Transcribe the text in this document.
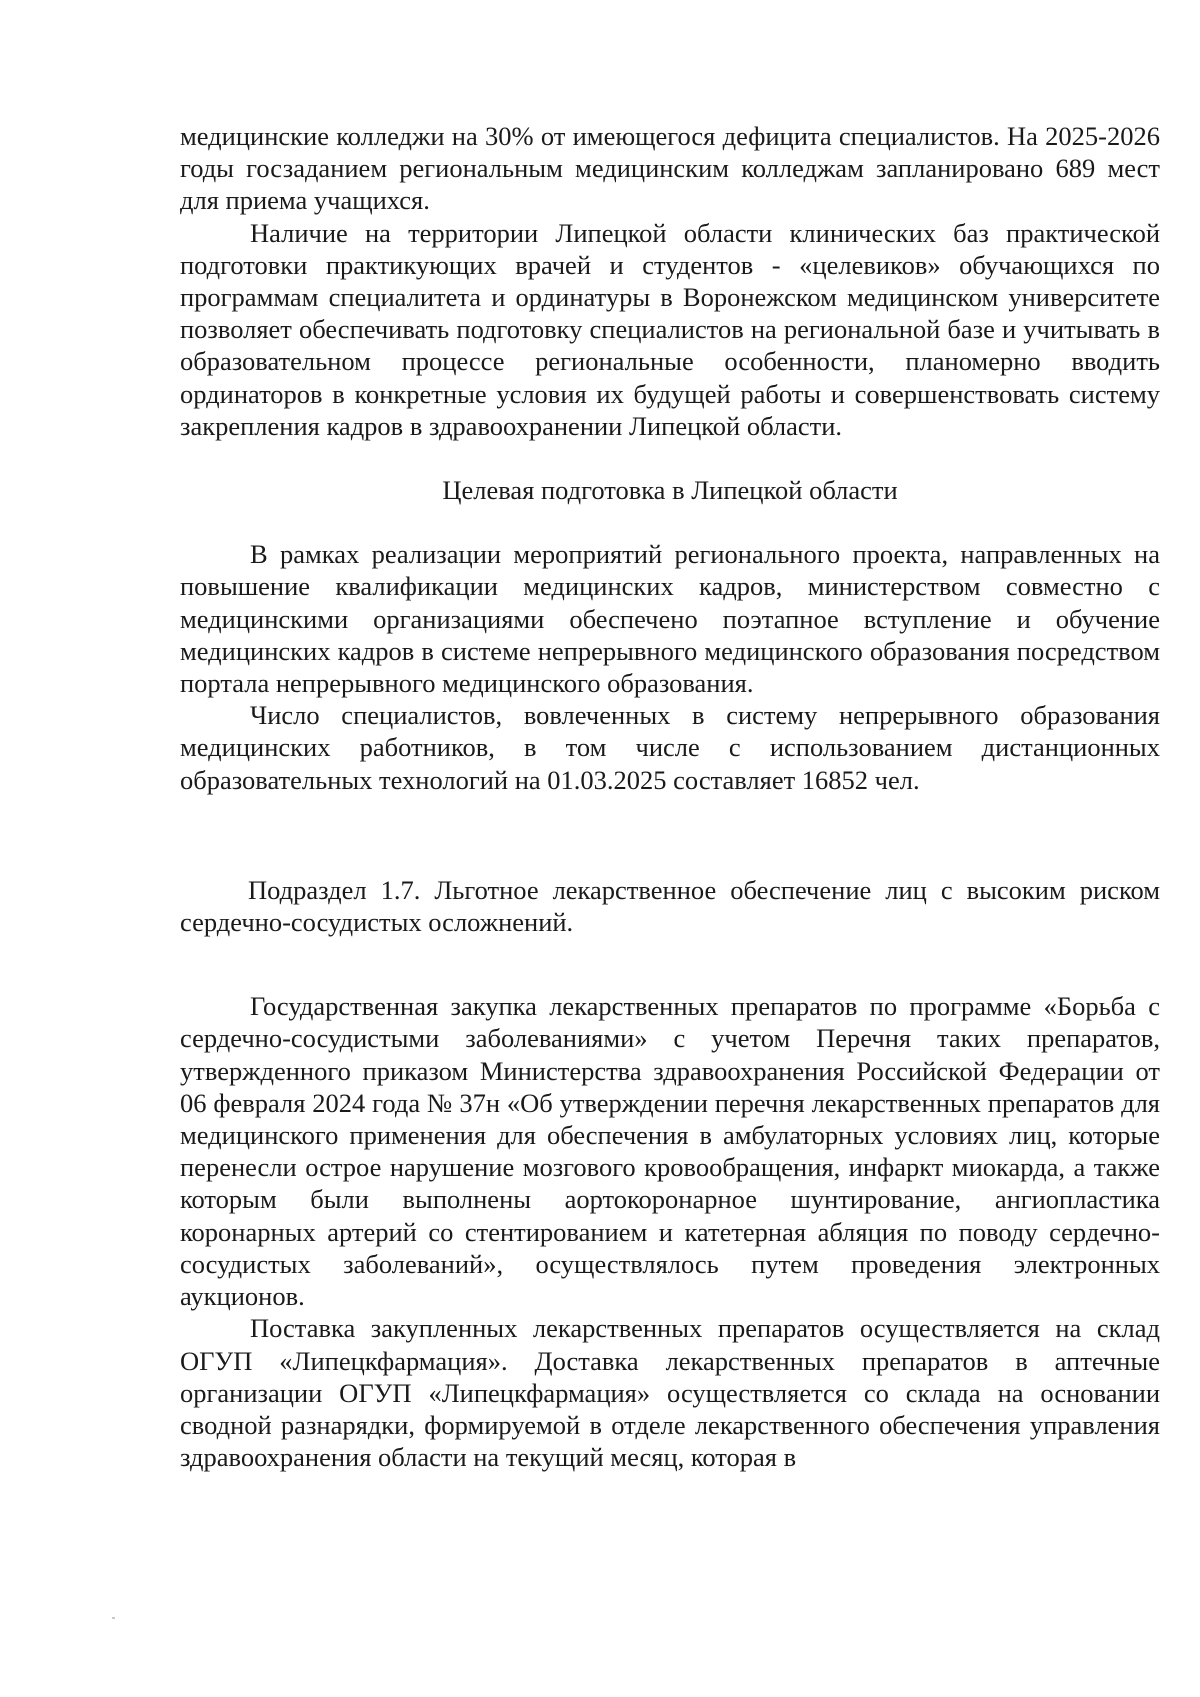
медицинские колледжи на 30% от имеющегося дефицита специалистов. На 2025-2026 годы госзаданием региональным медицинским колледжам запланировано 689 мест для приема учащихся.

Наличие на территории Липецкой области клинических баз практической подготовки практикующих врачей и студентов - «целевиков» обучающихся по программам специалитета и ординатуры в Воронежском медицинском университете позволяет обеспечивать подготовку специалистов на региональной базе и учитывать в образовательном процессе региональные особенности, планомерно вводить ординаторов в конкретные условия их будущей работы и совершенствовать систему закрепления кадров в здравоохранении Липецкой области.

Целевая подготовка в Липецкой области

В рамках реализации мероприятий регионального проекта, направленных на повышение квалификации медицинских кадров, министерством совместно с медицинскими организациями обеспечено поэтапное вступление и обучение медицинских кадров в системе непрерывного медицинского образования посредством портала непрерывного медицинского образования.

Число специалистов, вовлеченных в систему непрерывного образования медицинских работников, в том числе с использованием дистанционных образовательных технологий на 01.03.2025 составляет 16852 чел.

Подраздел 1.7. Льготное лекарственное обеспечение лиц с высоким риском сердечно-сосудистых осложнений.

Государственная закупка лекарственных препаратов по программе «Борьба с сердечно-сосудистыми заболеваниями» с учетом Перечня таких препаратов, утвержденного приказом Министерства здравоохранения Российской Федерации от 06 февраля 2024 года № 37н «Об утверждении перечня лекарственных препаратов для медицинского применения для обеспечения в амбулаторных условиях лиц, которые перенесли острое нарушение мозгового кровообращения, инфаркт миокарда, а также которым были выполнены аортокоронарное шунтирование, ангиопластика коронарных артерий со стентированием и катетерная абляция по поводу сердечно-сосудистых заболеваний», осуществлялось путем проведения электронных аукционов.

Поставка закупленных лекарственных препаратов осуществляется на склад ОГУП «Липецкфармация». Доставка лекарственных препаратов в аптечные организации ОГУП «Липецкфармация» осуществляется со склада на основании сводной разнарядки, формируемой в отделе лекарственного обеспечения управления здравоохранения области на текущий месяц, которая в
